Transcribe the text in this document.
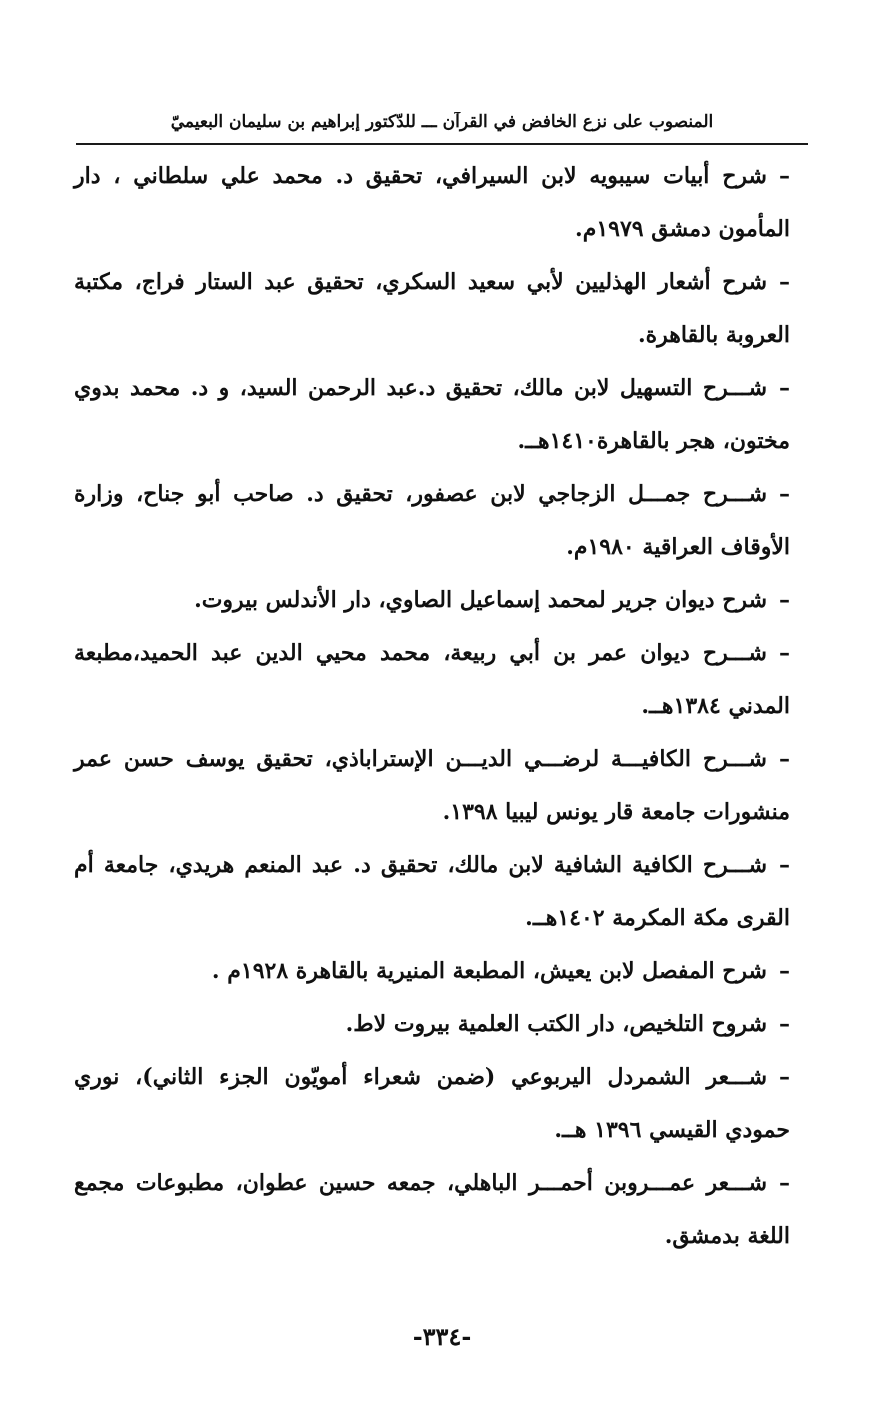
المنصوب على نزع الخافض في القرآن ـــ للدّكتور إبراهيم بن سليمان البعيميّ
–شرح أبيات سيبويه لابن السيرافي، تحقيق د. محمد علي سلطاني ، دار المأمون دمشق ١٩٧٩م.
–شرح أشعار الهذليين لأبي سعيد السكري، تحقيق عبد الستار فراج، مكتبة العروبة بالقاهرة.
–شـــرح التسهيل لابن مالك، تحقيق د.عبد الرحمن السيد، و د. محمد بدوي مختون، هجر بالقاهرة١٤١٠هــ.
–شـــرح جمـــل الزجاجي لابن عصفور، تحقيق د. صاحب أبو جناح، وزارة الأوقاف العراقية ١٩٨٠م.
–شرح ديوان جرير لمحمد إسماعيل الصاوي، دار الأندلس بيروت.
–شـــرح ديوان عمر بن أبي ربيعة، محمد محيي الدين عبد الحميد،مطبعة المدني ١٣٨٤هــ.
–شـــرح الكافيـــة لرضـــي الديـــن الإستراباذي، تحقيق يوسف حسن عمر منشورات جامعة قار يونس ليبيا ١٣٩٨.
–شـــرح الكافية الشافية لابن مالك، تحقيق د. عبد المنعم هريدي، جامعة أم القرى مكة المكرمة ١٤٠٢هــ.
–شرح المفصل لابن يعيش، المطبعة المنيرية بالقاهرة ١٩٢٨م .
–شروح التلخيص، دار الكتب العلمية بيروت لاط.
–شـــعر الشمردل اليربوعي (ضمن شعراء أمويّون الجزء الثاني)، نوري حمودي القيسي ١٣٩٦ هــ.
–شـــعر عمـــروبن أحمـــر الباهلي، جمعه حسين عطوان، مطبوعات مجمع اللغة بدمشق.
-٣٣٤-
